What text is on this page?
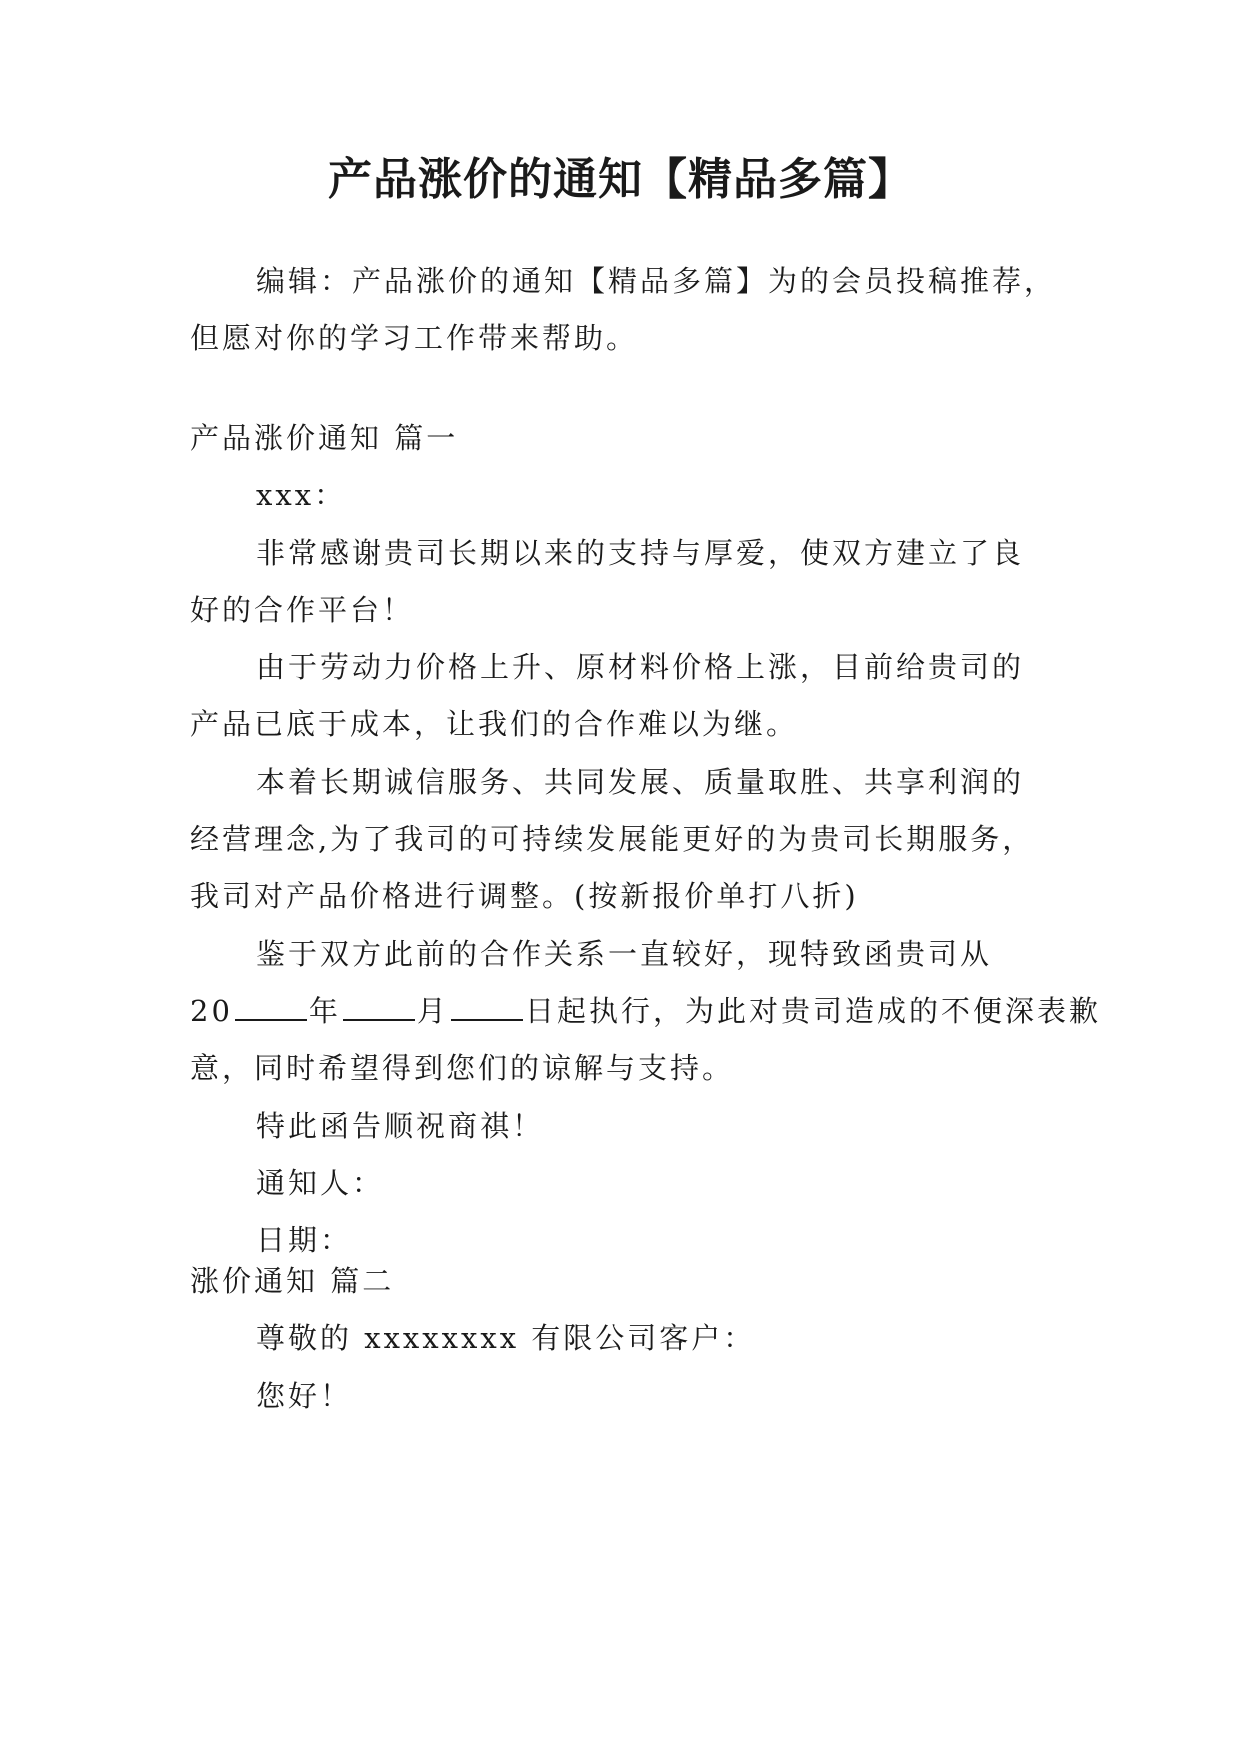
产品涨价的通知【精品多篇】
编辑：产品涨价的通知【精品多篇】为的会员投稿推荐，
但愿对你的学习工作带来帮助。
产品涨价通知 篇一
xxx：
非常感谢贵司长期以来的支持与厚爱，使双方建立了良
好的合作平台！
由于劳动力价格上升、原材料价格上涨，目前给贵司的
产品已底于成本，让我们的合作难以为继。
本着长期诚信服务、共同发展、质量取胜、共享利润的
经营理念,为了我司的可持续发展能更好的为贵司长期服务，
我司对产品价格进行调整。(按新报价单打八折)
鉴于双方此前的合作关系一直较好，现特致函贵司从
20	年	月	日起执行，为此对贵司造成的不便深表歉
意，同时希望得到您们的谅解与支持。
特此函告顺祝商祺！
通知人：
日期：
涨价通知 篇二
尊敬的 xxxxxxxx 有限公司客户：
您好！
